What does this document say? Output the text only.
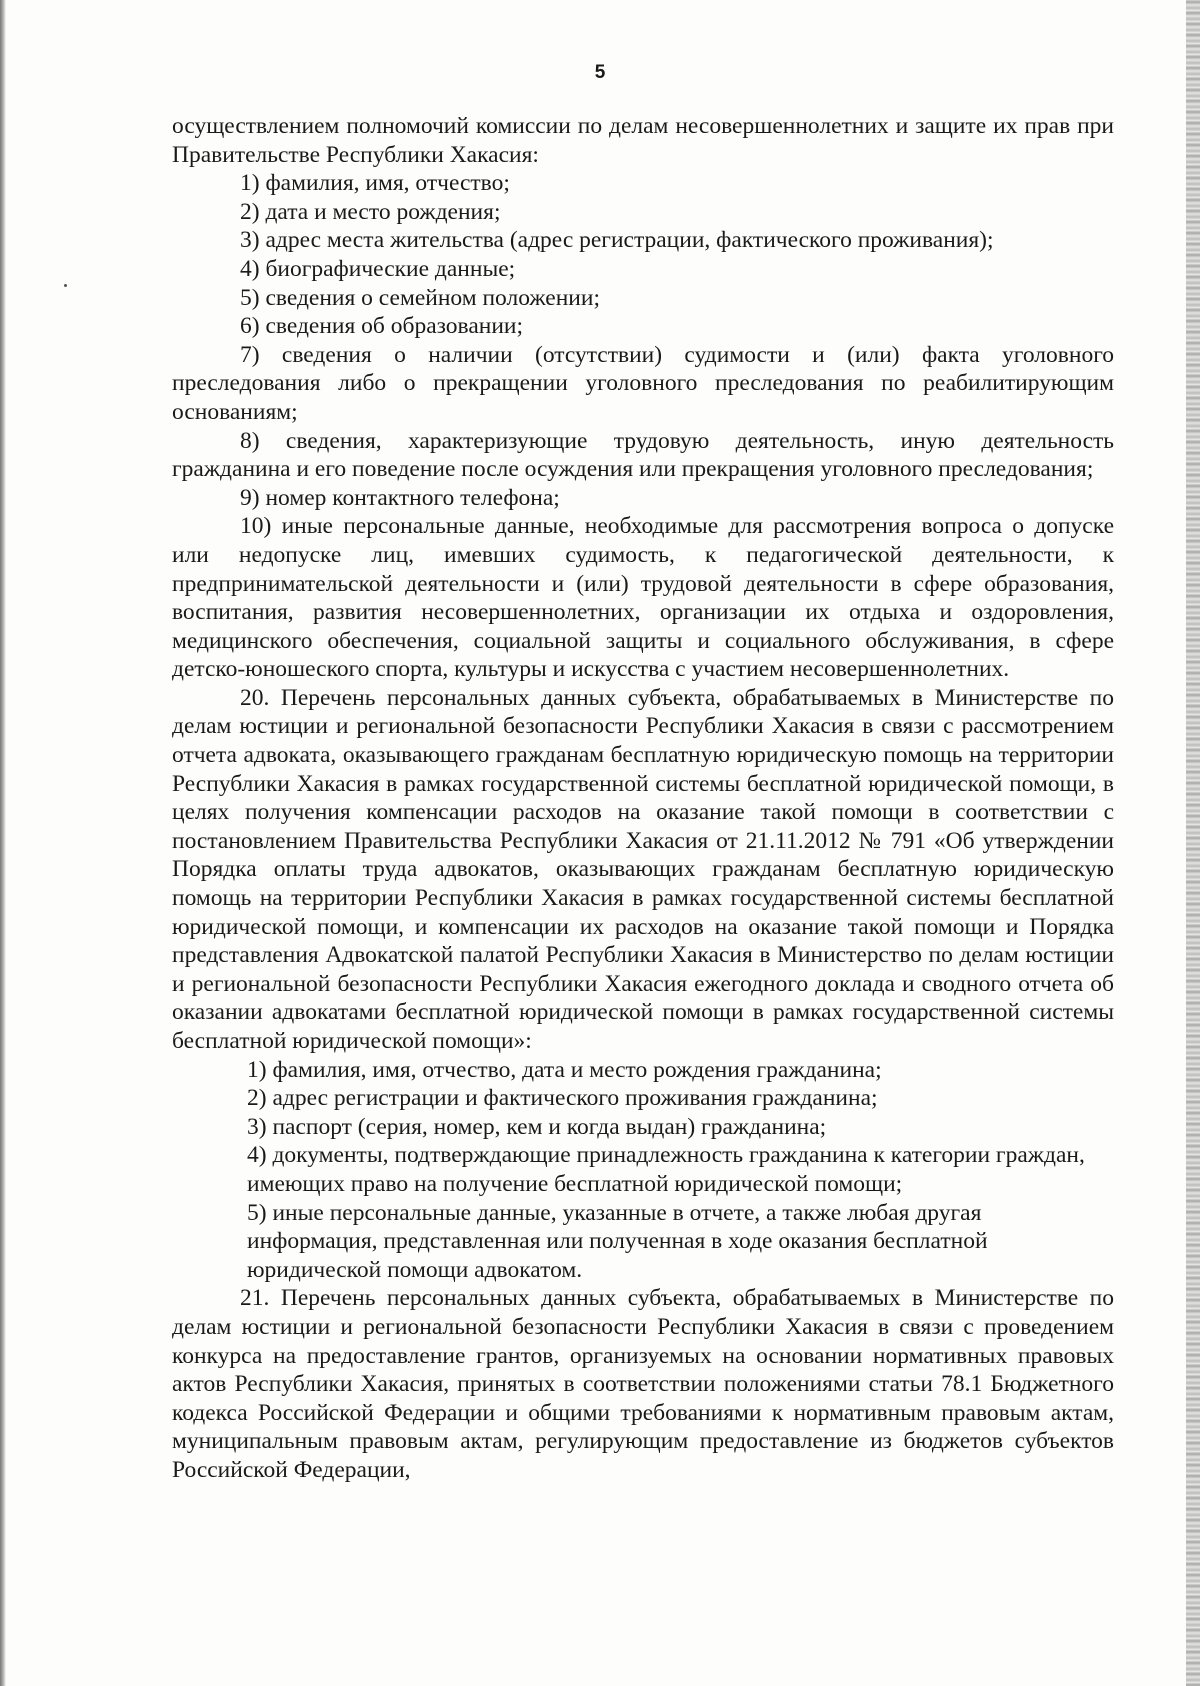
5

осуществлением полномочий комиссии по делам несовершеннолетних и защите их прав при Правительстве Республики Хакасия:

1) фамилия, имя, отчество;

2) дата и место рождения;

3) адрес места жительства (адрес регистрации, фактического проживания);

4) биографические данные;

5) сведения о семейном положении;

6) сведения об образовании;

7) сведения о наличии (отсутствии) судимости и (или) факта уголовного преследования либо о прекращении уголовного преследования по реабилитирующим основаниям;

8) сведения, характеризующие трудовую деятельность, иную деятельность гражданина и его поведение после осуждения или прекращения уголовного преследования;

9) номер контактного телефона;

10) иные персональные данные, необходимые для рассмотрения вопроса о допуске или недопуске лиц, имевших судимость, к педагогической деятельности, к предпринимательской деятельности и (или) трудовой деятельности в сфере образования, воспитания, развития несовершеннолетних, организации их отдыха и оздоровления, медицинского обеспечения, социальной защиты и социального обслуживания, в сфере детско-юношеского спорта, культуры и искусства с участием несовершеннолетних.

20. Перечень персональных данных субъекта, обрабатываемых в Министерстве по делам юстиции и региональной безопасности Республики Хакасия в связи с рассмотрением отчета адвоката, оказывающего гражданам бесплатную юридическую помощь на территории Республики Хакасия в рамках государственной системы бесплатной юридической помощи, в целях получения компенсации расходов на оказание такой помощи в соответствии с постановлением Правительства Республики Хакасия от 21.11.2012 № 791 «Об утверждении Порядка оплаты труда адвокатов, оказывающих гражданам бесплатную юридическую помощь на территории Республики Хакасия в рамках государственной системы бесплатной юридической помощи, и компенсации их расходов на оказание такой помощи и Порядка представления Адвокатской палатой Республики Хакасия в Министерство по делам юстиции и региональной безопасности Республики Хакасия ежегодного доклада и сводного отчета об оказании адвокатами бесплатной юридической помощи в рамках государственной системы бесплатной юридической помощи»:

1) фамилия, имя, отчество, дата и место рождения гражданина;

2) адрес регистрации и фактического проживания гражданина;

3) паспорт (серия, номер, кем и когда выдан) гражданина;

4) документы, подтверждающие принадлежность гражданина к категории граждан, имеющих право на получение бесплатной юридической помощи;

5) иные персональные данные, указанные в отчете, а также любая другая информация, представленная или полученная в ходе оказания бесплатной юридической помощи адвокатом.

21. Перечень персональных данных субъекта, обрабатываемых в Министерстве по делам юстиции и региональной безопасности Республики Хакасия в связи с проведением конкурса на предоставление грантов, организуемых на основании нормативных правовых актов Республики Хакасия, принятых в соответствии положениями статьи 78.1 Бюджетного кодекса Российской Федерации и общими требованиями к нормативным правовым актам, муниципальным правовым актам, регулирующим предоставление из бюджетов субъектов Российской Федерации,
